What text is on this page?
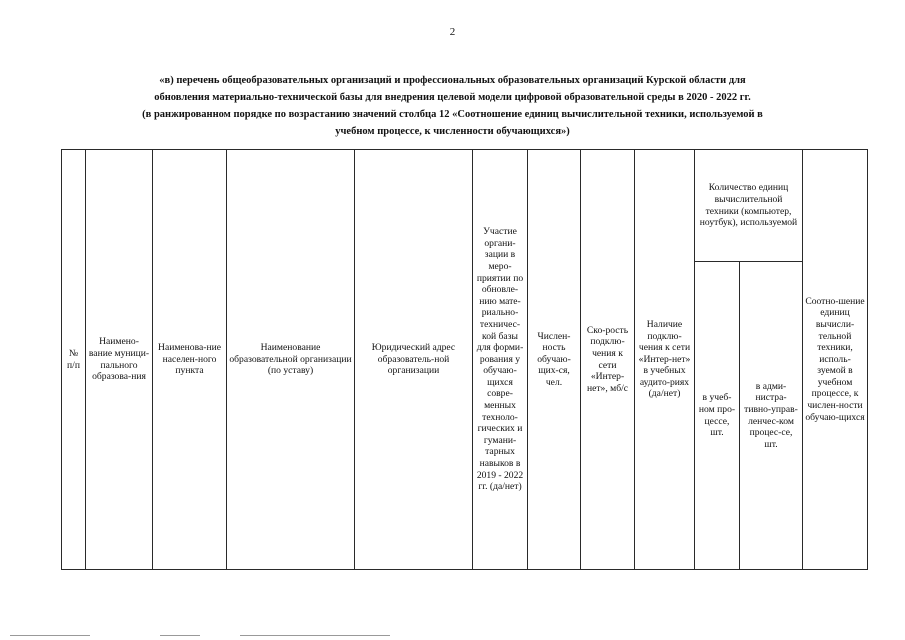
2
«в) перечень общеобразовательных организаций и профессиональных образовательных организаций Курской области для
обновления материально-технической базы для внедрения целевой модели цифровой образовательной среды в 2020 - 2022 гг.
(в ранжированном порядке по возрастанию значений столбца 12 «Соотношение единиц вычислительной техники, используемой в
учебном процессе, к численности обучающихся»)
№ п/п	Наимено-вание муници-пального образова-ния	Наименова-ние населен-ного пункта	Наименование образовательной организации (по уставу)	Юридический адрес образователь-ной организации	Участие органи-зации в меро-приятии по обновле-нию мате-риально-техничес-кой базы для форми-рования у обучаю-щихся совре-менных техноло-гических и гумани-тарных навыков в 2019 - 2022 гг. (да/нет)	Числен-ность обучаю-щих-ся, чел.	Ско-рость подклю-чения к сети «Интер-нет», мб/с	Наличие подклю-чения к сети «Интер-нет» в учебных аудито-риях (да/нет)	Количество единиц вычислительной техники (компьютер, ноутбук), используемой		Соотно-шение единиц вычисли-тельной техники, исполь-зуемой в учебном процессе, к числен-ности обучаю-щихся
									в учеб-ном про-цессе, шт.	в адми-нистра-тивно-управ-ленчес-ком процес-се, шт.	
